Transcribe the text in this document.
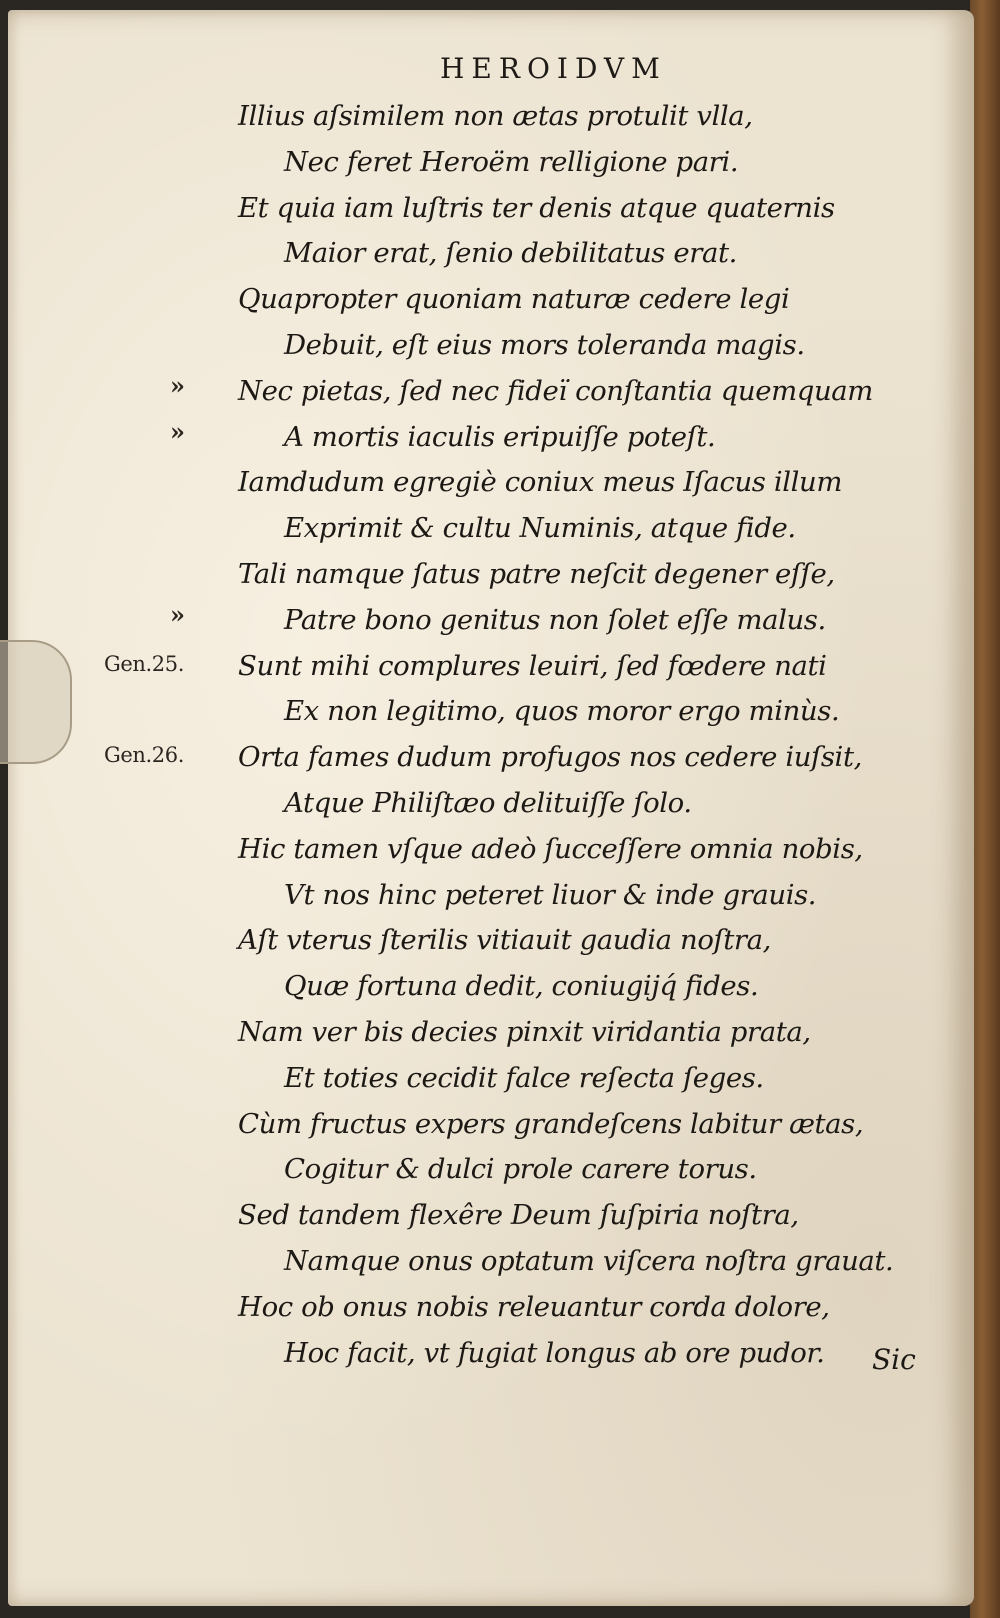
HEROIDVM
Illius aſsimilem non ætas protulit vlla,
Nec feret Heroëm relligione pari.
Et quia iam luſtris ter denis atque quaternis
Maior erat, ſenio debilitatus erat.
Quapropter quoniam naturæ cedere legi
Debuit, eſt eius mors toleranda magis.
» Nec pietas, ſed nec fideï conſtantia quemquam
»	A mortis iaculis eripuiſſe poteſt.
Iamdudum egregiè coniux meus Iſacus illum
Exprimit & cultu Numinis, atque fide.
Tali namque ſatus patre neſcit degener eſſe,
»	Patre bono genitus non ſolet eſſe malus.
Gen.25. Sunt mihi complures leuiri, ſed fœdere nati
Ex non legitimo, quos moror ergo minùs.
Gen.26. Orta fames dudum profugos nos cedere iuſsit,
Atque Philiſtæo delituiſſe ſolo.
Hic tamen vſque adeò ſucceſſere omnia nobis,
Vt nos hinc peteret liuor & inde grauis.
Aſt vterus ſterilis vitiauit gaudia noſtra,
Quæ fortuna dedit, coniugijq́ fides.
Nam ver bis decies pinxit viridantia prata,
Et toties cecidit falce reſecta ſeges.
Cùm fructus expers grandeſcens labitur ætas,
Cogitur & dulci prole carere torus.
Sed tandem flexêre Deum ſuſpiria noſtra,
Namque onus optatum viſcera noſtra grauat.
Hoc ob onus nobis releuantur corda dolore,
Hoc facit, vt fugiat longus ab ore pudor. Sic
